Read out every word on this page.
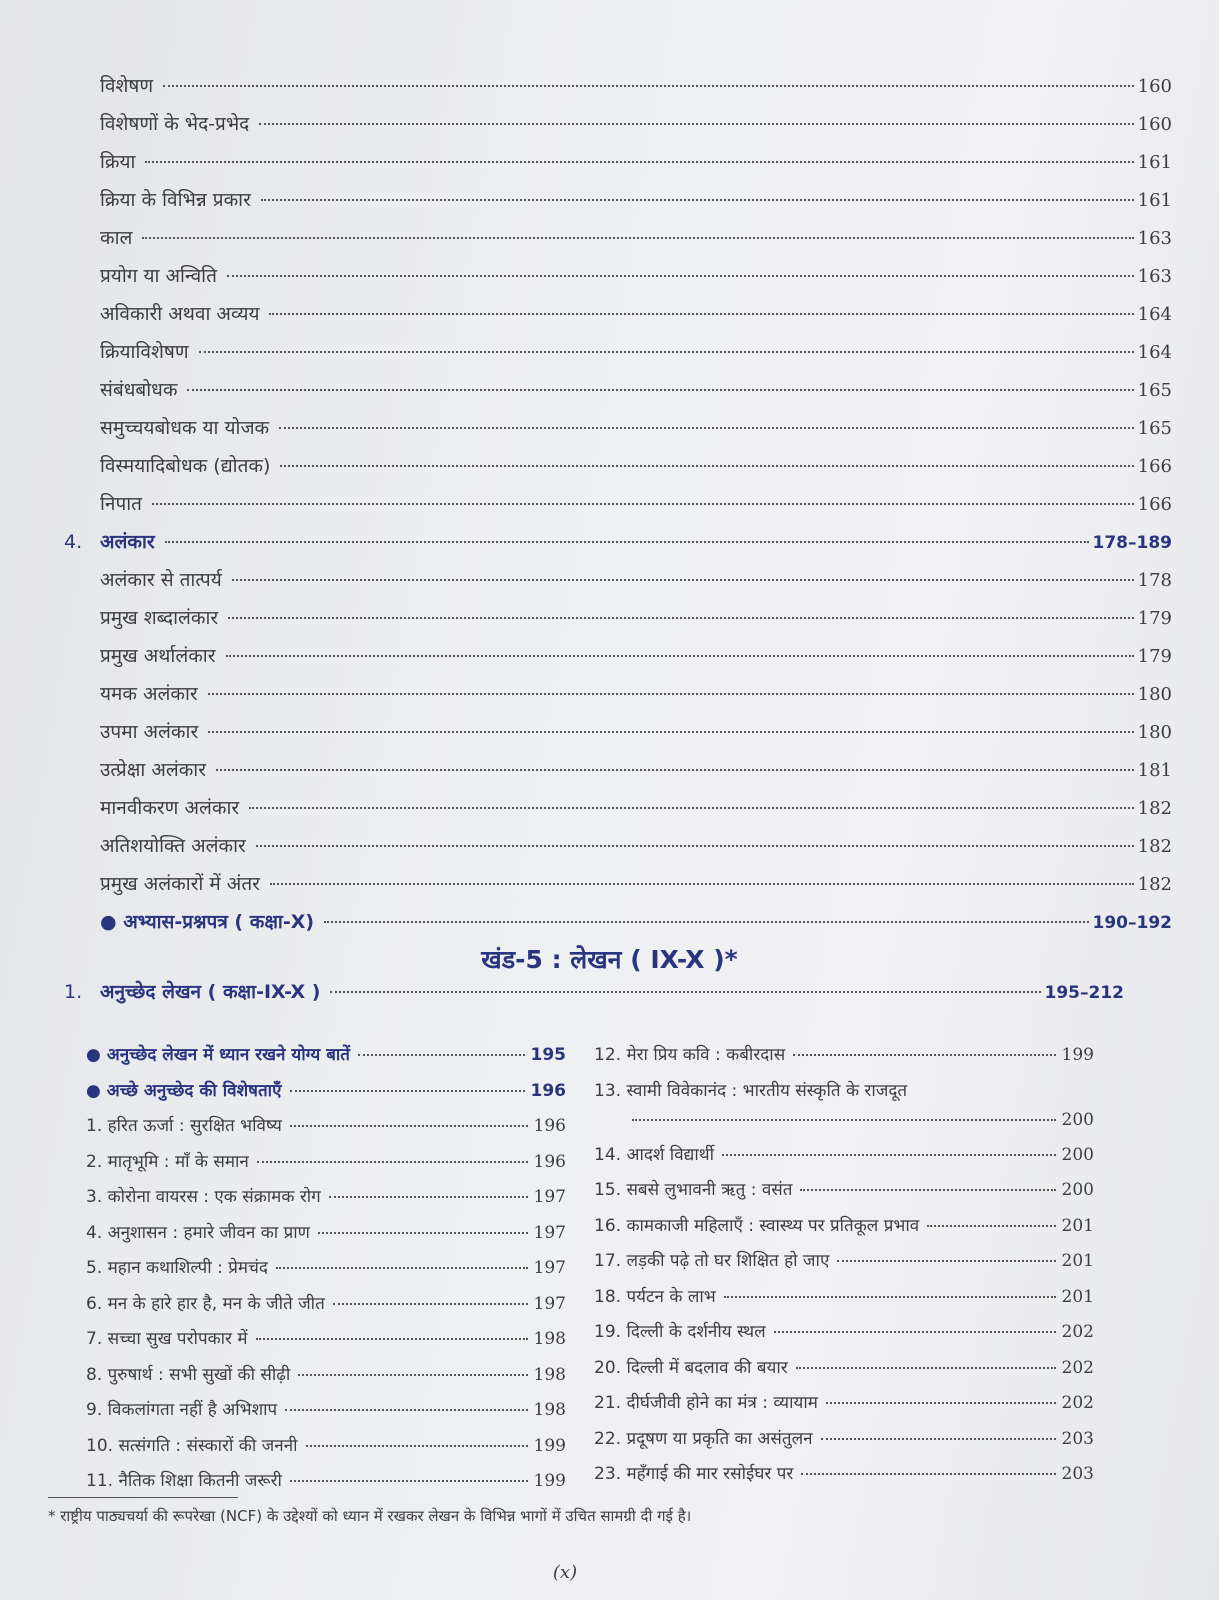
विशेषण	160
विशेषणों के भेद-प्रभेद	160
क्रिया	161
क्रिया के विभिन्न प्रकार	161
काल	163
प्रयोग या अन्विति	163
अविकारी अथवा अव्यय	164
क्रियाविशेषण	164
संबंधबोधक	165
समुच्चयबोधक या योजक	165
विस्मयादिबोधक (द्योतक)	166
निपात	166
4. अलंकार	178–189
अलंकार से तात्पर्य	178
प्रमुख शब्दालंकार	179
प्रमुख अर्थालंकार	179
यमक अलंकार	180
उपमा अलंकार	180
उत्प्रेक्षा अलंकार	181
मानवीकरण अलंकार	182
अतिशयोक्ति अलंकार	182
प्रमुख अलंकारों में अंतर	182
● अभ्यास-प्रश्नपत्र ( कक्षा-X)	190–192
खंड-5 : लेखन ( IX-X )*
1. अनुच्छेद लेखन ( कक्षा-IX-X )	195–212
● अनुच्छेद लेखन में ध्यान रखने योग्य बातें	195
● अच्छे अनुच्छेद की विशेषताएँ	196
1. हरित ऊर्जा : सुरक्षित भविष्य	196
2. मातृभूमि : माँ के समान	196
3. कोरोना वायरस : एक संक्रामक रोग	197
4. अनुशासन : हमारे जीवन का प्राण	197
5. महान कथाशिल्पी : प्रेमचंद	197
6. मन के हारे हार है, मन के जीते जीत	197
7. सच्चा सुख परोपकार में	198
8. पुरुषार्थ : सभी सुखों की सीढ़ी	198
9. विकलांगता नहीं है अभिशाप	198
10. सत्संगति : संस्कारों की जननी	199
11. नैतिक शिक्षा कितनी जरूरी	199
12. मेरा प्रिय कवि : कबीरदास	199
13. स्वामी विवेकानंद : भारतीय संस्कृति के राजदूत
200
14. आदर्श विद्यार्थी	200
15. सबसे लुभावनी ऋतु : वसंत	200
16. कामकाजी महिलाएँ : स्वास्थ्य पर प्रतिकूल प्रभाव	201
17. लड़की पढ़े तो घर शिक्षित हो जाए	201
18. पर्यटन के लाभ	201
19. दिल्ली के दर्शनीय स्थल	202
20. दिल्ली में बदलाव की बयार	202
21. दीर्घजीवी होने का मंत्र : व्यायाम	202
22. प्रदूषण या प्रकृति का असंतुलन	203
23. महँगाई की मार रसोईघर पर	203
* राष्ट्रीय पाठ्यचर्या की रूपरेखा (NCF) के उद्देश्यों को ध्यान में रखकर लेखन के विभिन्न भागों में उचित सामग्री दी गई है।
(x)
